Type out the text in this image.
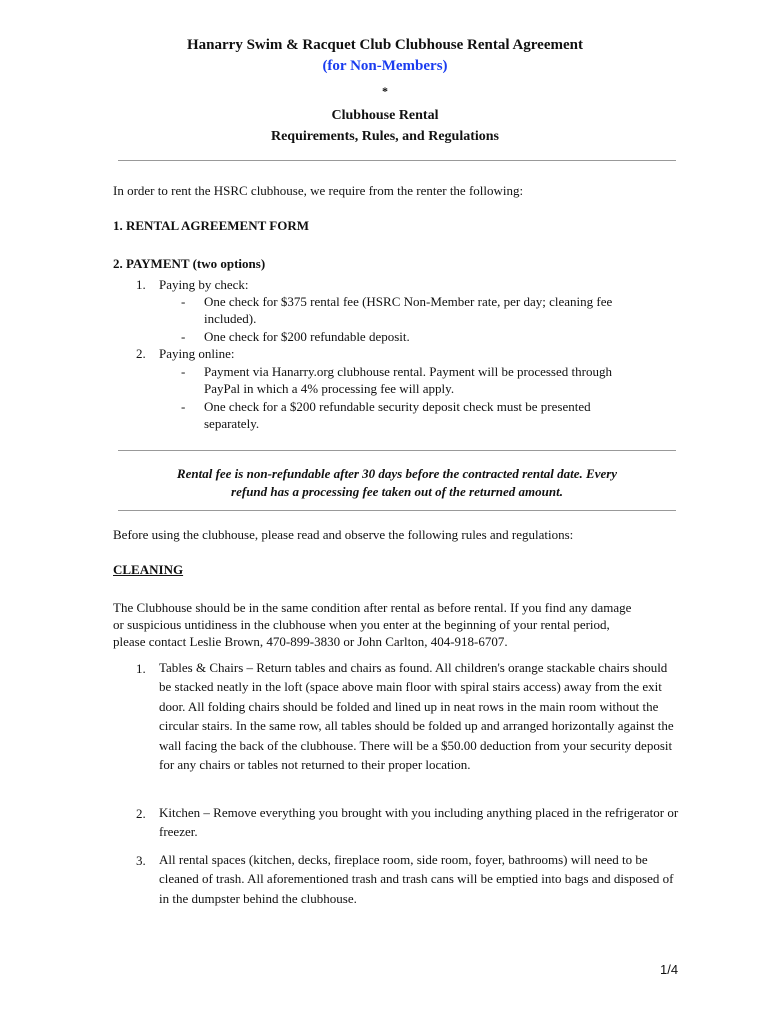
Hanarry Swim & Racquet Club Clubhouse Rental Agreement
(for Non-Members)
*
Clubhouse Rental
Requirements, Rules, and Regulations
In order to rent the HSRC clubhouse, we require from the renter the following:
1. RENTAL AGREEMENT FORM
2. PAYMENT (two options)
1. Paying by check:
- One check for $375 rental fee (HSRC Non-Member rate, per day; cleaning fee
included).
- One check for $200 refundable deposit.
2. Paying online:
- Payment via Hanarry.org clubhouse rental. Payment will be processed through
PayPal in which a 4% processing fee will apply.
- One check for a $200 refundable security deposit check must be presented
separately.
Rental fee is non-refundable after 30 days before the contracted rental date. Every
refund has a processing fee taken out of the returned amount.
Before using the clubhouse, please read and observe the following rules and regulations:
CLEANING
The Clubhouse should be in the same condition after rental as before rental. If you find any damage
or suspicious untidiness in the clubhouse when you enter at the beginning of your rental period,
please contact Leslie Brown, 470-899-3830 or John Carlton, 404-918-6707.
1. Tables & Chairs – Return tables and chairs as found. All children's orange stackable chairs should be stacked neatly in the loft (space above main floor with spiral stairs access) away from the exit door. All folding chairs should be folded and lined up in neat rows in the main room without the circular stairs. In the same row, all tables should be folded up and arranged horizontally against the wall facing the back of the clubhouse. There will be a $50.00 deduction from your security deposit for any chairs or tables not returned to their proper location.
2. Kitchen – Remove everything you brought with you including anything placed in the refrigerator or freezer.
3. All rental spaces (kitchen, decks, fireplace room, side room, foyer, bathrooms) will need to be cleaned of trash. All aforementioned trash and trash cans will be emptied into bags and disposed of in the dumpster behind the clubhouse.
1/4
